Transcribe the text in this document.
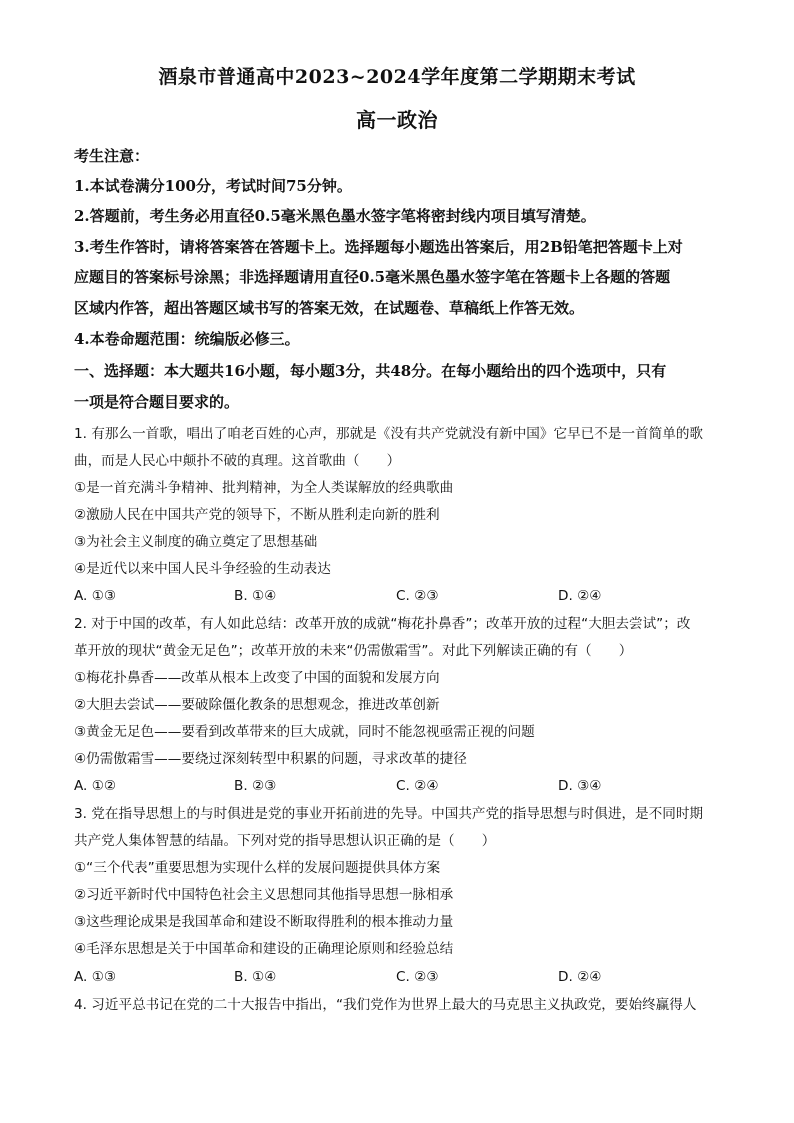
酒泉市普通高中2023~2024学年度第二学期期末考试
高一政治
考生注意：
1.本试卷满分100分，考试时间75分钟。
2.答题前，考生务必用直径0.5毫米黑色墨水签字笔将密封线内项目填写清楚。
3.考生作答时，请将答案答在答题卡上。选择题每小题选出答案后，用2B铅笔把答题卡上对
应题目的答案标号涂黑；非选择题请用直径0.5毫米黑色墨水签字笔在答题卡上各题的答题
区域内作答，超出答题区域书写的答案无效，在试题卷、草稿纸上作答无效。
4.本卷命题范围：统编版必修三。
一、选择题：本大题共16小题，每小题3分，共48分。在每小题给出的四个选项中，只有
一项是符合题目要求的。
1. 有那么一首歌，唱出了咱老百姓的心声，那就是《没有共产党就没有新中国》它早已不是一首简单的歌
曲，而是人民心中颠扑不破的真理。这首歌曲（　　）
①是一首充满斗争精神、批判精神，为全人类谋解放的经典歌曲
②激励人民在中国共产党的领导下，不断从胜利走向新的胜利
③为社会主义制度的确立奠定了思想基础
④是近代以来中国人民斗争经验的生动表达
A. ①③	B. ①④	C. ②③	D. ②④
2. 对于中国的改革，有人如此总结：改革开放的成就“梅花扑鼻香”；改革开放的过程“大胆去尝试”；改
革开放的现状“黄金无足色”；改革开放的未来“仍需傲霜雪”。对此下列解读正确的有（　　）
①梅花扑鼻香——改革从根本上改变了中国的面貌和发展方向
②大胆去尝试——要破除僵化教条的思想观念，推进改革创新
③黄金无足色——要看到改革带来的巨大成就，同时不能忽视亟需正视的问题
④仍需傲霜雪——要绕过深刻转型中积累的问题，寻求改革的捷径
A. ①②	B. ②③	C. ②④	D. ③④
3. 党在指导思想上的与时俱进是党的事业开拓前进的先导。中国共产党的指导思想与时俱进，是不同时期
共产党人集体智慧的结晶。下列对党的指导思想认识正确的是（　　）
①“三个代表”重要思想为实现什么样的发展问题提供具体方案
②习近平新时代中国特色社会主义思想同其他指导思想一脉相承
③这些理论成果是我国革命和建设不断取得胜利的根本推动力量
④毛泽东思想是关于中国革命和建设的正确理论原则和经验总结
A. ①③	B. ①④	C. ②③	D. ②④
4. 习近平总书记在党的二十大报告中指出，“我们党作为世界上最大的马克思主义执政党，要始终赢得人
